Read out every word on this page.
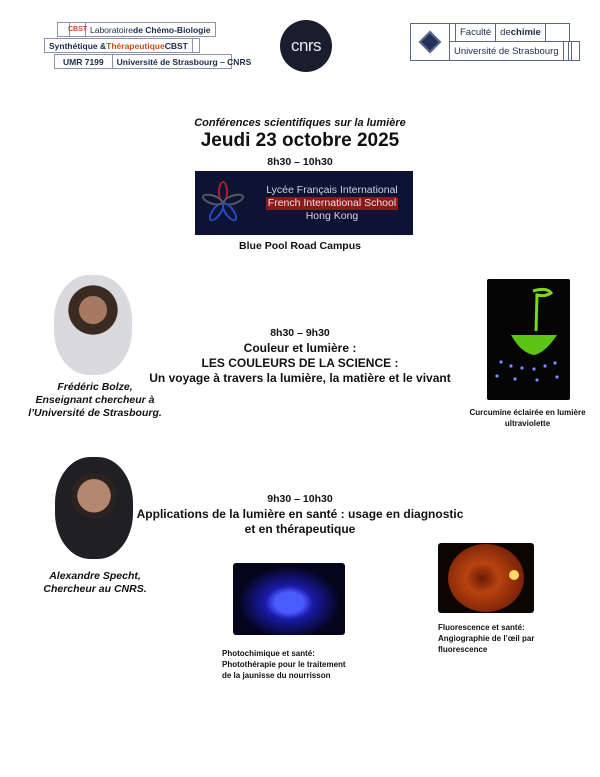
CBST Laboratoire de Chémo-Biologie
Synthétique & Thérapeutique CBST
UMR 7199	Université de Strasbourg – CNRS
cnrs
Faculté de chimie
Université de Strasbourg
Conférences scientifiques sur la lumière
Jeudi 23 octobre 2025
8h30 – 10h30
Lycée Français International
French International School
Hong Kong
Blue Pool Road Campus
Frédéric Bolze,
Enseignant chercheur à
l’Université de Strasbourg.
8h30 – 9h30
Couleur et lumière :
LES COULEURS DE LA SCIENCE :
Un voyage à travers la lumière, la matière et le vivant
Curcumine éclairée en lumière
ultraviolette
Alexandre Specht,
Chercheur au CNRS.
9h30 – 10h30
Applications de la lumière en santé : usage en diagnostic
et en thérapeutique
Photochimique et santé:
Photothérapie pour le traitement
de la jaunisse du nourrisson
Fluorescence et santé:
Angiographie de l’œil par
fluorescence
